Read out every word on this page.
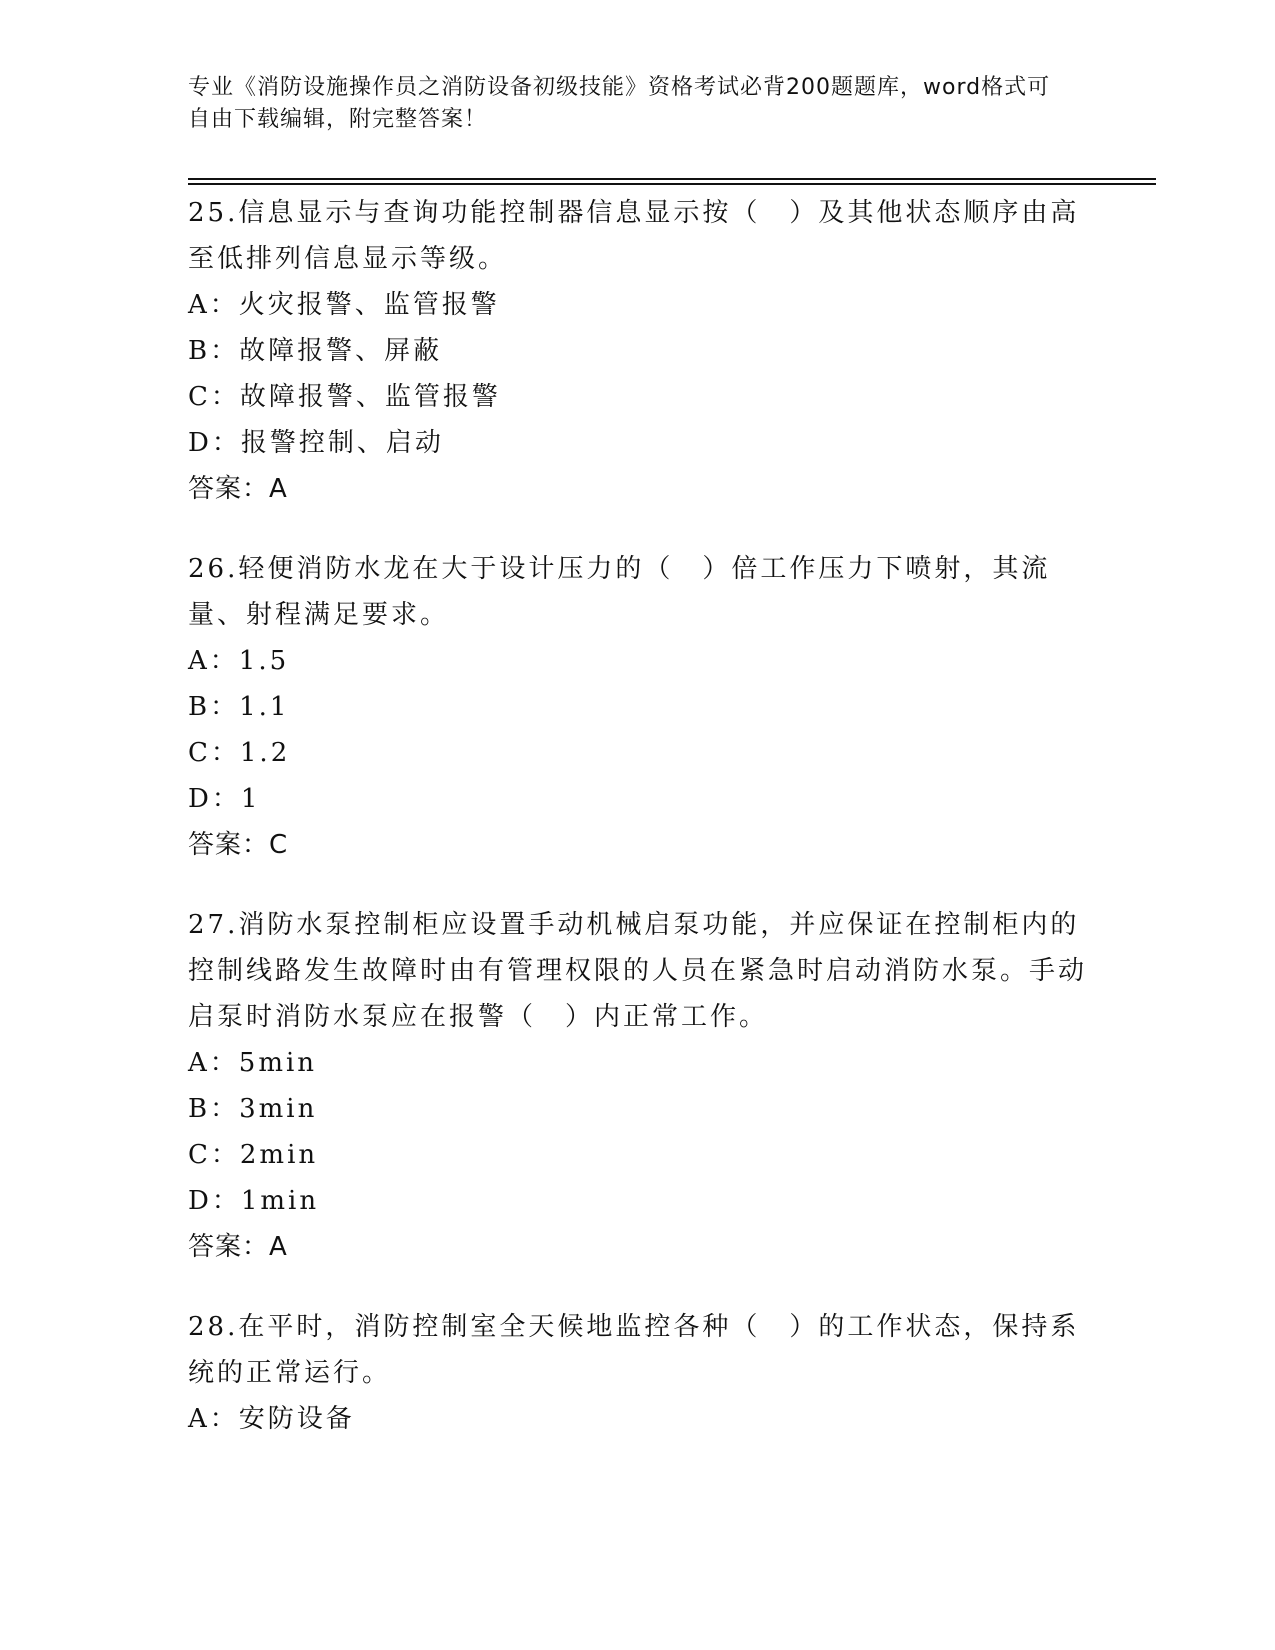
专业《消防设施操作员之消防设备初级技能》资格考试必背200题题库，word格式可自由下载编辑，附完整答案！
25.信息显示与查询功能控制器信息显示按（　）及其他状态顺序由高至低排列信息显示等级。
A：火灾报警、监管报警
B：故障报警、屏蔽
C：故障报警、监管报警
D：报警控制、启动
答案：A
26.轻便消防水龙在大于设计压力的（　）倍工作压力下喷射，其流量、射程满足要求。
A：1.5
B：1.1
C：1.2
D：1
答案：C
27.消防水泵控制柜应设置手动机械启泵功能，并应保证在控制柜内的控制线路发生故障时由有管理权限的人员在紧急时启动消防水泵。手动启泵时消防水泵应在报警（　）内正常工作。
A：5min
B：3min
C：2min
D：1min
答案：A
28.在平时，消防控制室全天候地监控各种（　）的工作状态，保持系统的正常运行。
A：安防设备
